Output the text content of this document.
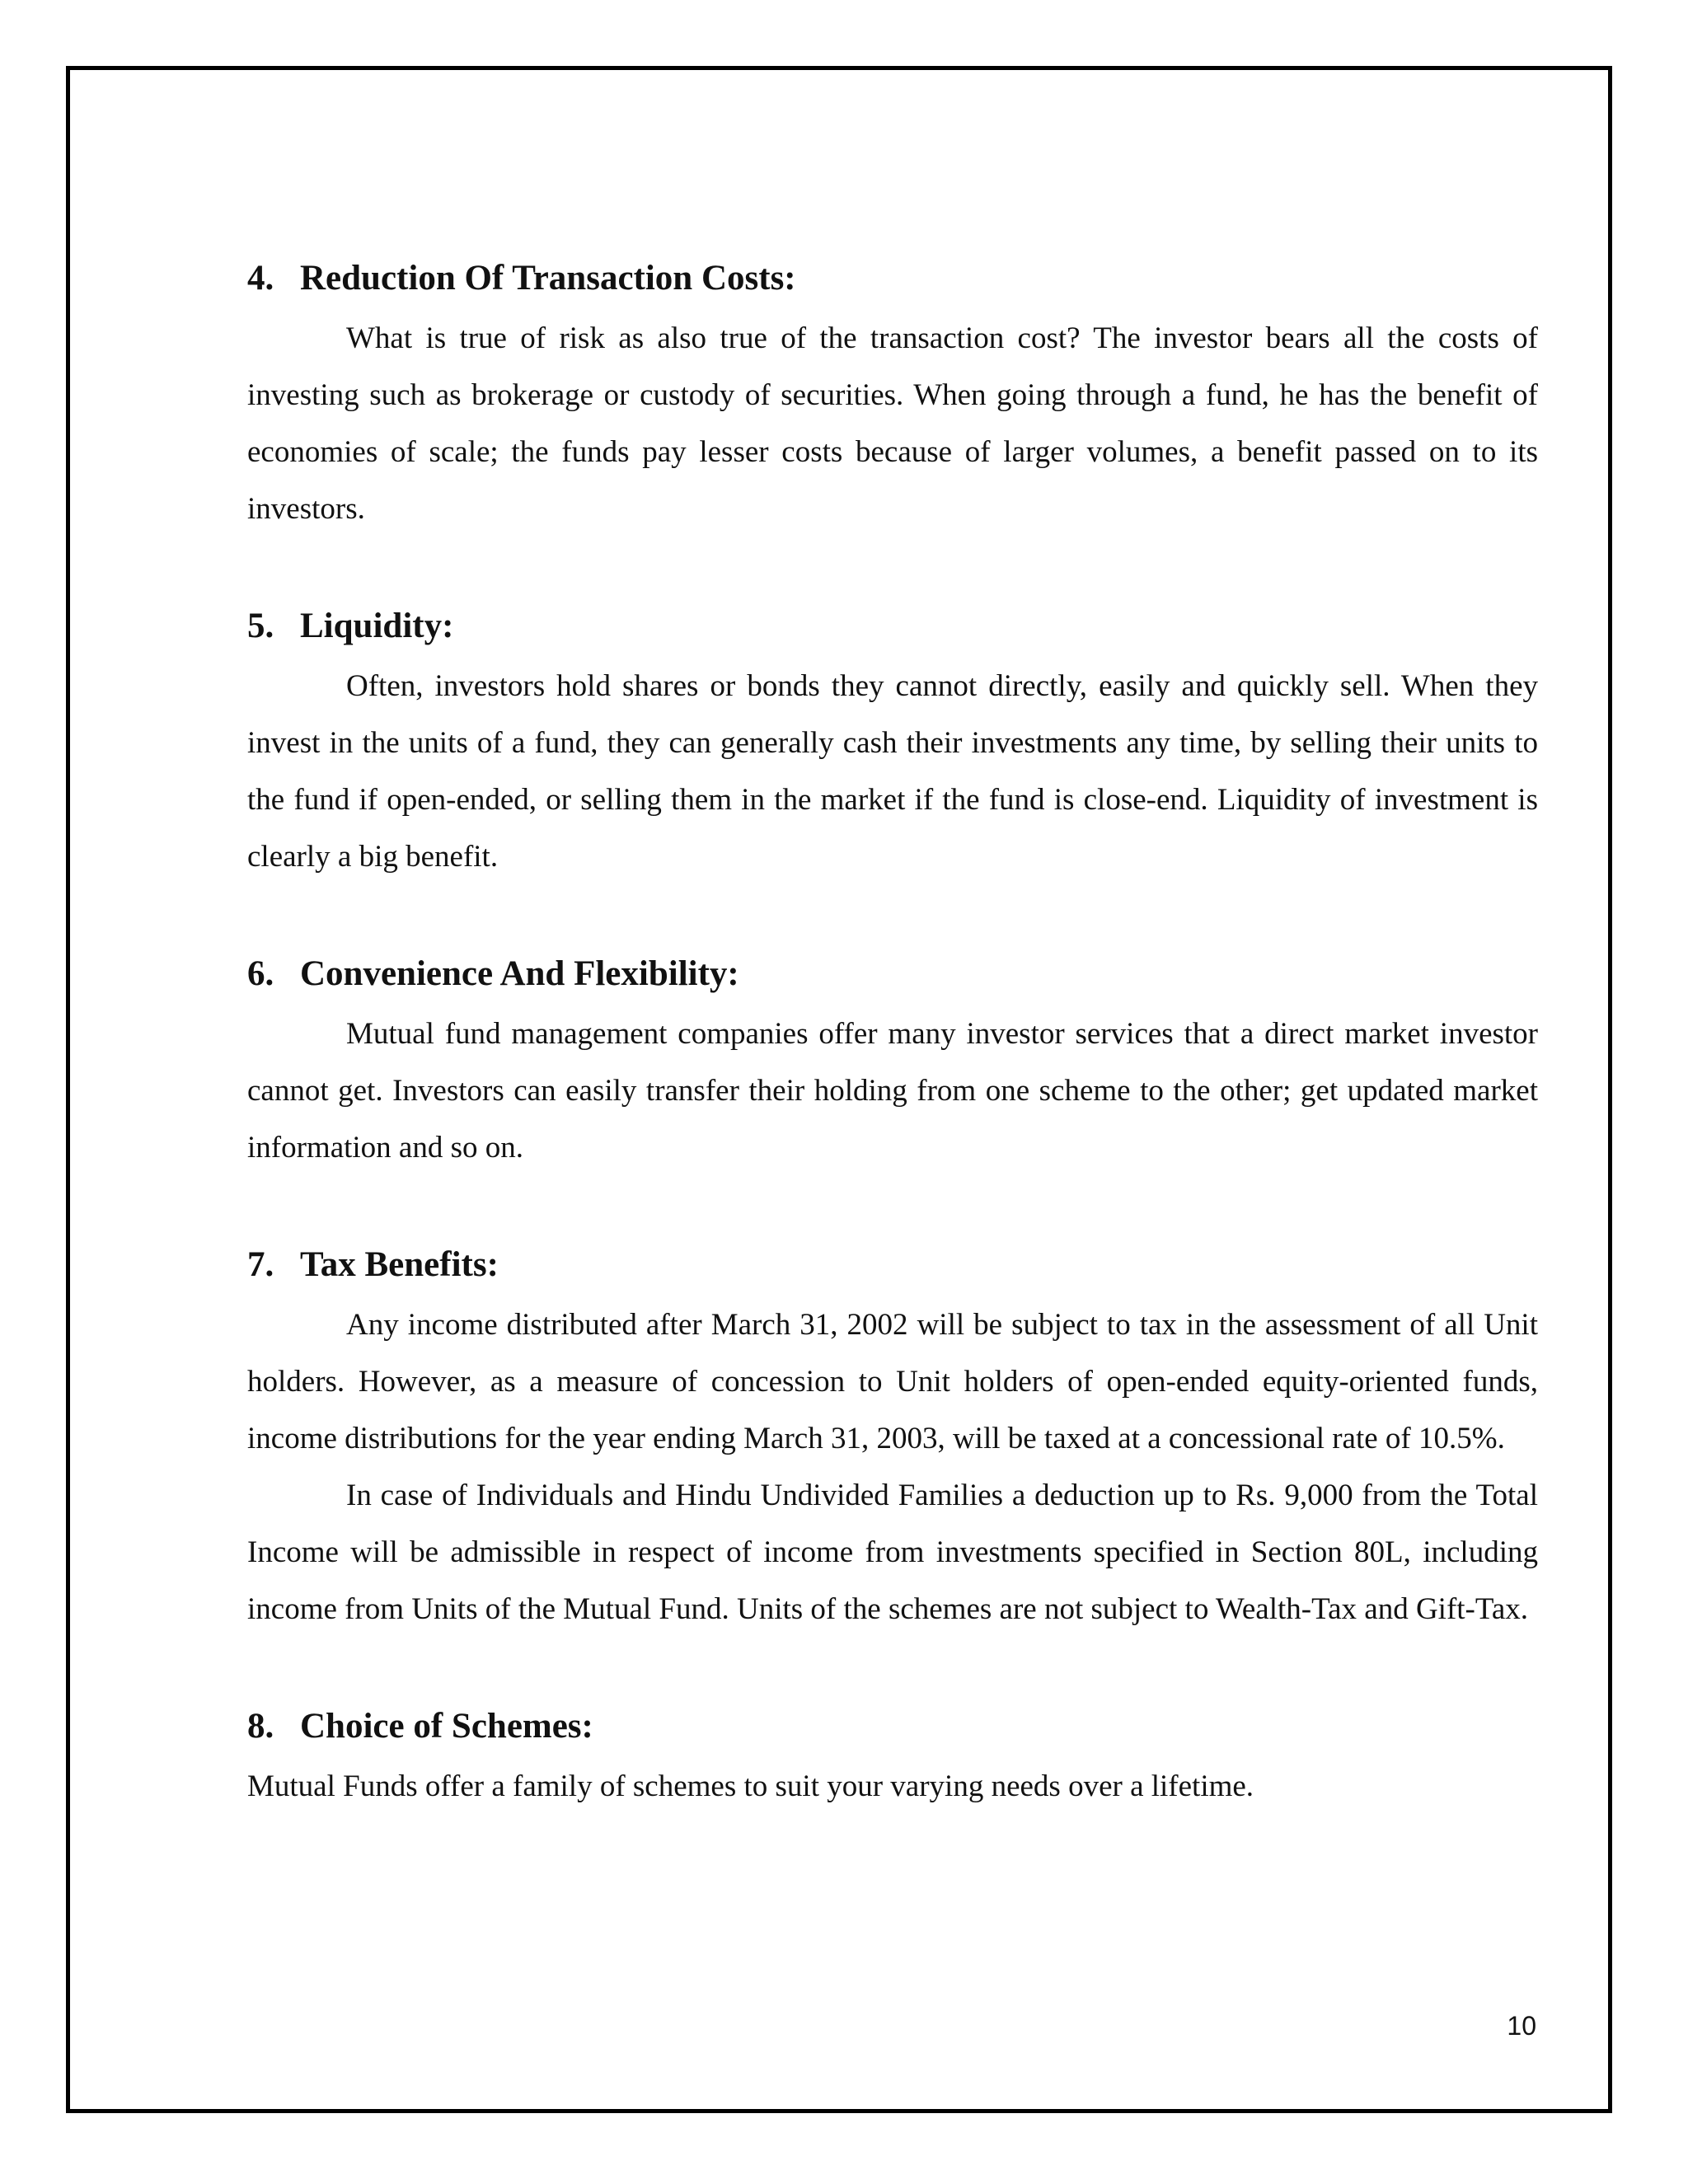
4. Reduction Of Transaction Costs:

What is true of risk as also true of the transaction cost? The investor bears all the costs of investing such as brokerage or custody of securities. When going through a fund, he has the benefit of economies of scale; the funds pay lesser costs because of larger volumes, a benefit passed on to its investors.

5. Liquidity:

Often, investors hold shares or bonds they cannot directly, easily and quickly sell. When they invest in the units of a fund, they can generally cash their investments any time, by selling their units to the fund if open-ended, or selling them in the market if the fund is close-end. Liquidity of investment is clearly a big benefit.

6. Convenience And Flexibility:

Mutual fund management companies offer many investor services that a direct market investor cannot get. Investors can easily transfer their holding from one scheme to the other; get updated market information and so on.

7. Tax Benefits:

Any income distributed after March 31, 2002 will be subject to tax in the assessment of all Unit holders. However, as a measure of concession to Unit holders of open-ended equity-oriented funds, income distributions for the year ending March 31, 2003, will be taxed at a concessional rate of 10.5%.

In case of Individuals and Hindu Undivided Families a deduction up to Rs. 9,000 from the Total Income will be admissible in respect of income from investments specified in Section 80L, including income from Units of the Mutual Fund. Units of the schemes are not subject to Wealth-Tax and Gift-Tax.

8. Choice of Schemes:

Mutual Funds offer a family of schemes to suit your varying needs over a lifetime.

10
